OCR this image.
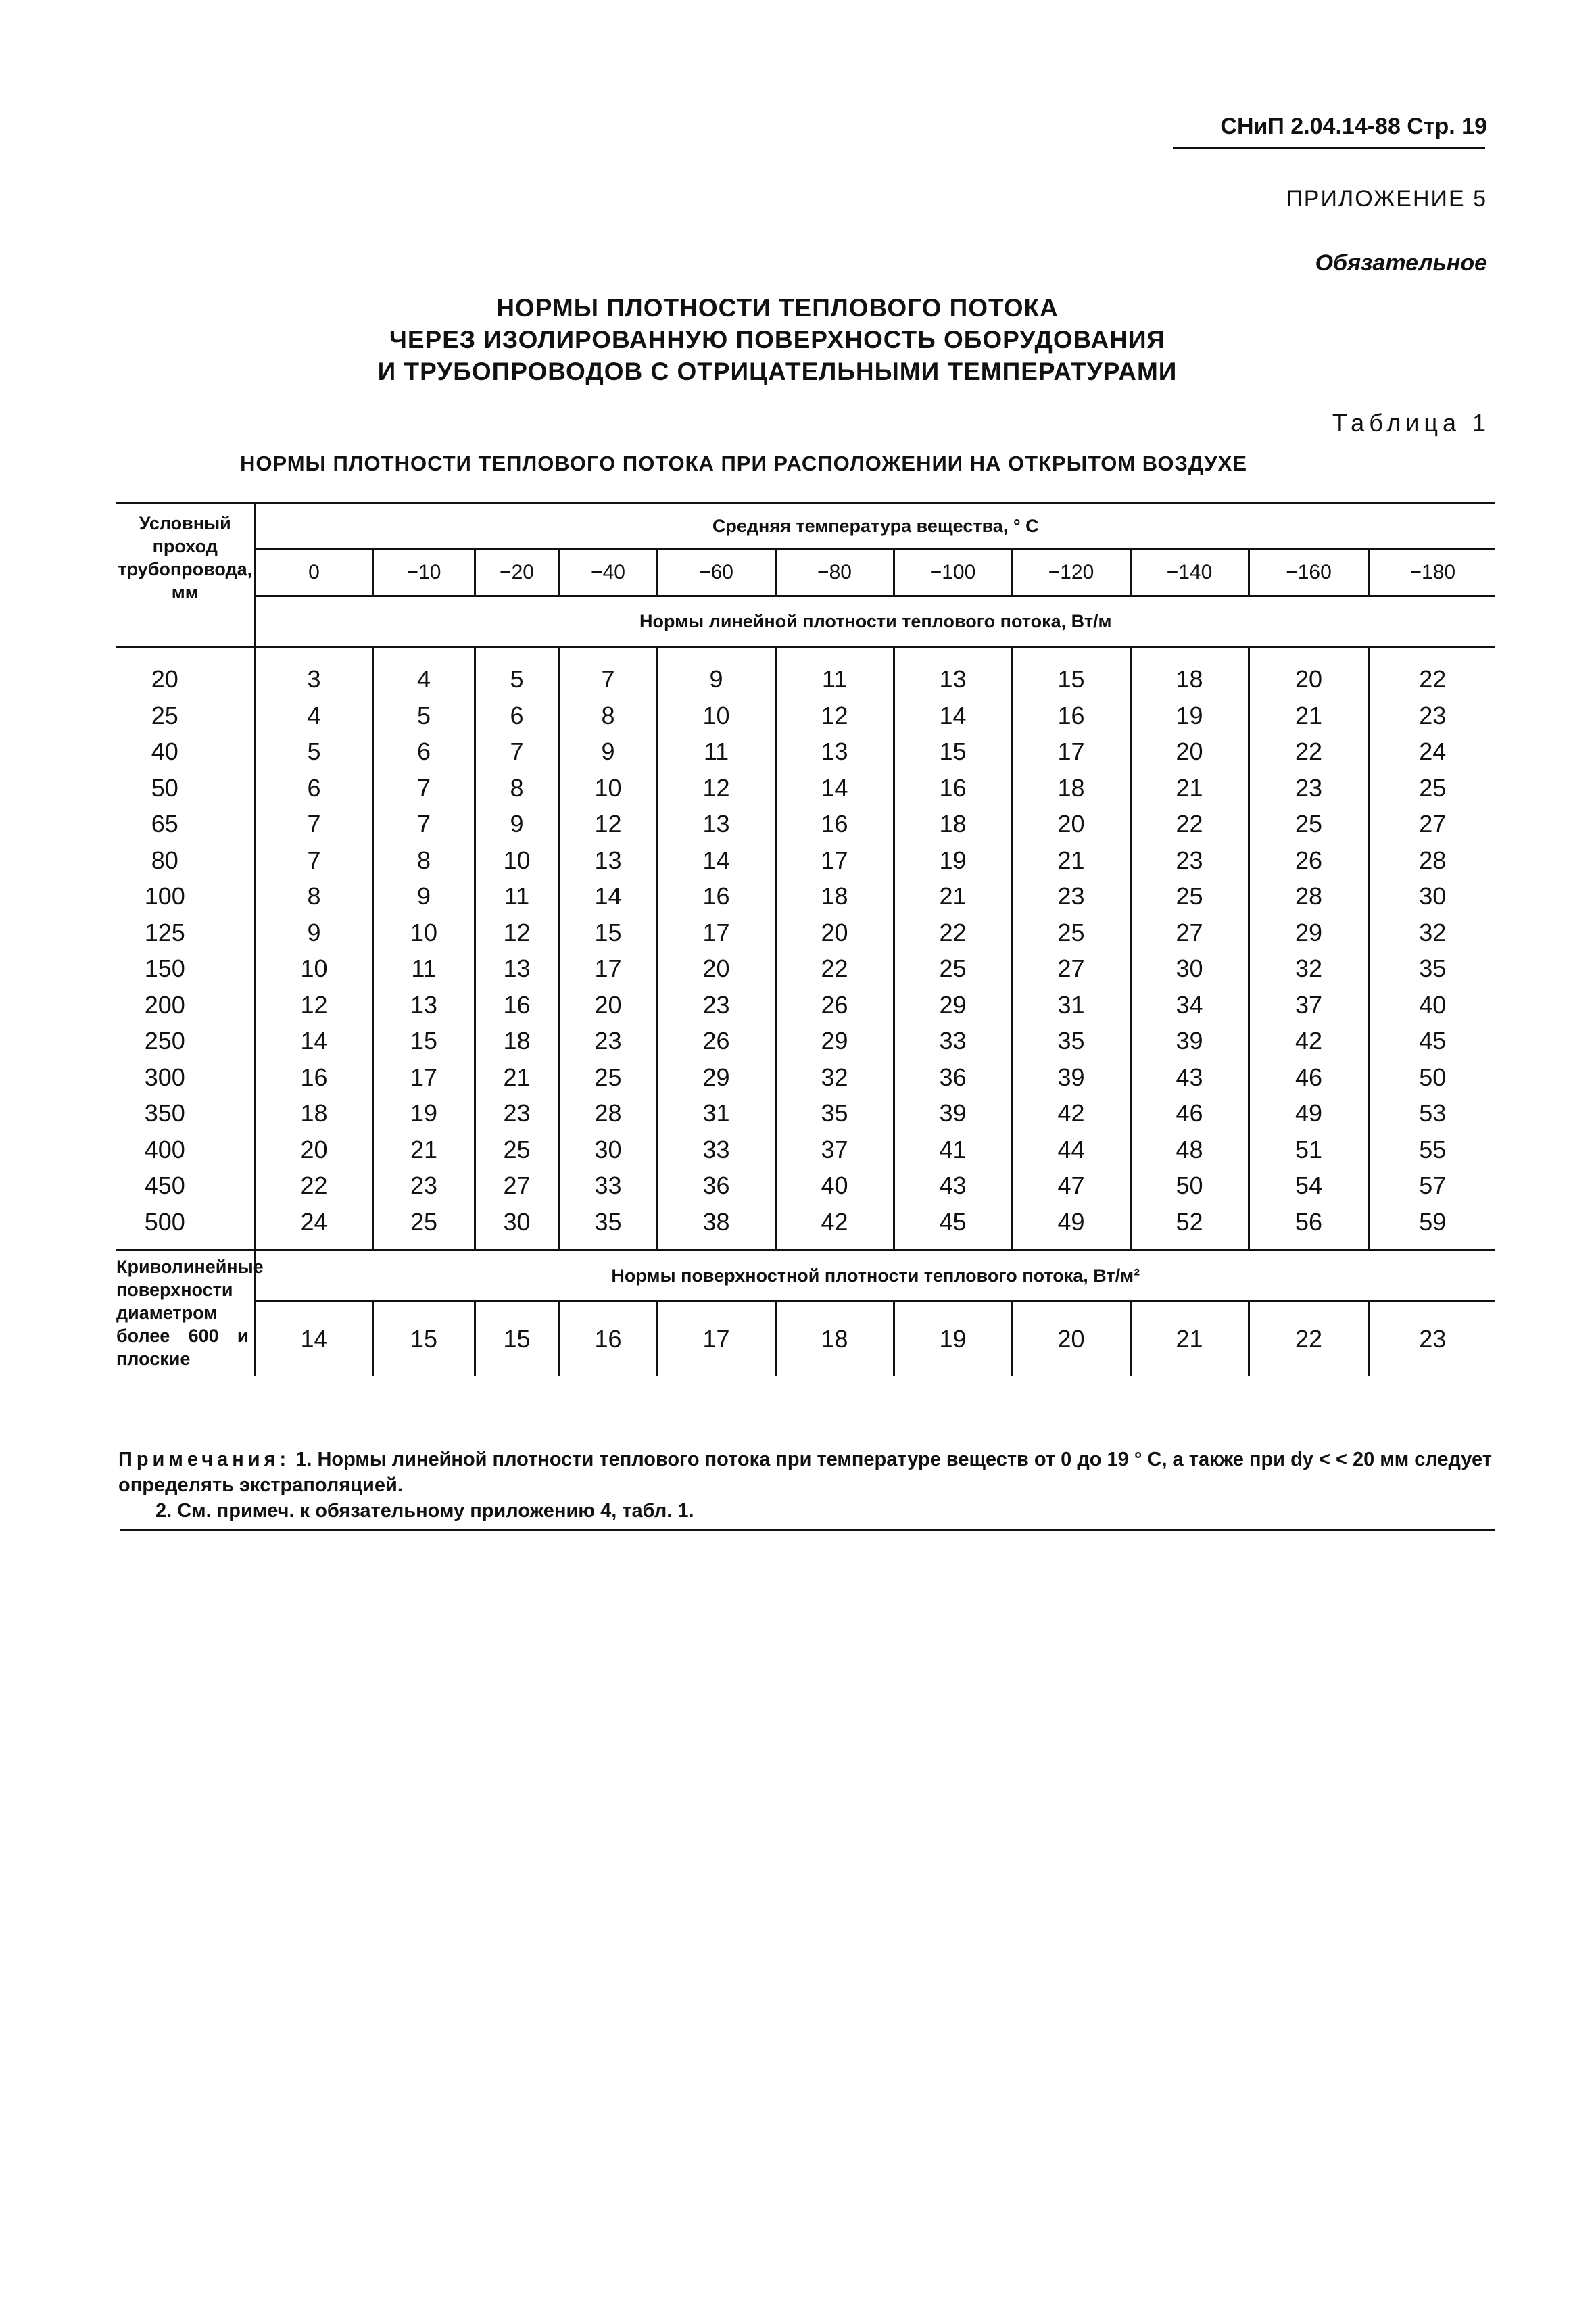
СНиП 2.04.14-88 Стр. 19
ПРИЛОЖЕНИЕ 5
Обязательное
НОРМЫ ПЛОТНОСТИ ТЕПЛОВОГО ПОТОКА
ЧЕРЕЗ ИЗОЛИРОВАННУЮ ПОВЕРХНОСТЬ ОБОРУДОВАНИЯ
И ТРУБОПРОВОДОВ С ОТРИЦАТЕЛЬНЫМИ ТЕМПЕРАТУРАМИ
Таблица 1
НОРМЫ ПЛОТНОСТИ ТЕПЛОВОГО ПОТОКА ПРИ РАСПОЛОЖЕНИИ НА ОТКРЫТОМ ВОЗДУХЕ
Условный проход трубопровода, мм	Средняя температура вещества, ° С										
	0	−10	−20	−40	−60	−80	−100	−120	−140	−160	−180
	Нормы линейной плотности теплового потока, Вт/м										
20	3	4	5	7	9	11	13	15	18	20	22
25	4	5	6	8	10	12	14	16	19	21	23
40	5	6	7	9	11	13	15	17	20	22	24
50	6	7	8	10	12	14	16	18	21	23	25
65	7	7	9	12	13	16	18	20	22	25	27
80	7	8	10	13	14	17	19	21	23	26	28
100	8	9	11	14	16	18	21	23	25	28	30
125	9	10	12	15	17	20	22	25	27	29	32
150	10	11	13	17	20	22	25	27	30	32	35
200	12	13	16	20	23	26	29	31	34	37	40
250	14	15	18	23	26	29	33	35	39	42	45
300	16	17	21	25	29	32	36	39	43	46	50
350	18	19	23	28	31	35	39	42	46	49	53
400	20	21	25	30	33	37	41	44	48	51	55
450	22	23	27	33	36	40	43	47	50	54	57
500	24	25	30	35	38	42	45	49	52	56	59
Криволинейные поверхности диаметром более 600 и плоские	Нормы поверхностной плотности теплового потока, Вт/м²										
	14	15	15	16	17	18	19	20	21	22	23
Примечания: 1. Нормы линейной плотности теплового потока при температуре веществ от 0 до 19 ° С, а также при dy < < 20 мм следует определять экстраполяцией.
2. См. примеч. к обязательному приложению 4, табл. 1.
